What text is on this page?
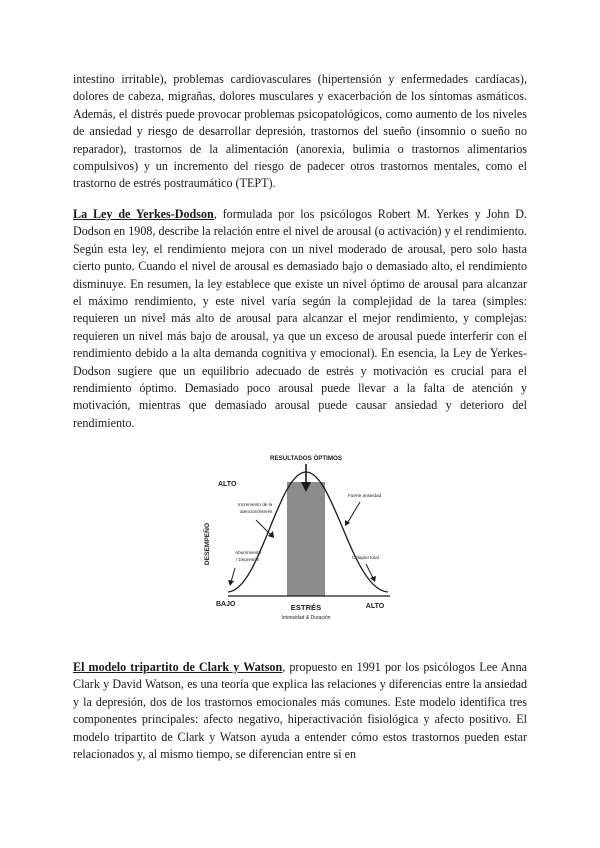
intestino irritable), problemas cardiovasculares (hipertensión y enfermedades cardíacas), dolores de cabeza, migrañas, dolores musculares y exacerbación de los síntomas asmáticos. Además, el distrés puede provocar problemas psicopatológicos, como aumento de los niveles de ansiedad y riesgo de desarrollar depresión, trastornos del sueño (insomnio o sueño no reparador), trastornos de la alimentación (anorexia, bulimia o trastornos alimentarios compulsivos) y un incremento del riesgo de padecer otros trastornos mentales, como el trastorno de estrés postraumático (TEPT).

La Ley de Yerkes-Dodson, formulada por los psicólogos Robert M. Yerkes y John D. Dodson en 1908, describe la relación entre el nivel de arousal (o activación) y el rendimiento. Según esta ley, el rendimiento mejora con un nivel moderado de arousal, pero solo hasta cierto punto. Cuando el nivel de arousal es demasiado bajo o demasiado alto, el rendimiento disminuye. En resumen, la ley establece que existe un nivel óptimo de arousal para alcanzar el máximo rendimiento, y este nivel varía según la complejidad de la tarea (simples: requieren un nivel más alto de arousal para alcanzar el mejor rendimiento, y complejas: requieren un nivel más bajo de arousal, ya que un exceso de arousal puede interferir con el rendimiento debido a la alta demanda cognitiva y emocional). En esencia, la Ley de Yerkes-Dodson sugiere que un equilibrio adecuado de estrés y motivación es crucial para el rendimiento óptimo. Demasiado poco arousal puede llevar a la falta de atención y motivación, mientras que demasiado arousal puede causar ansiedad y deterioro del rendimiento.

RESULTADOS ÓPTIMOS
ALTO
BAJO
DESEMPEÑO
ESTRÉS
Intensidad & Duración
ALTO
Incremento de la
atención/interés
Aburrimiento
/ Depresión
Fuerte ansiedad
Colapso total

El modelo tripartito de Clark y Watson, propuesto en 1991 por los psicólogos Lee Anna Clark y David Watson, es una teoría que explica las relaciones y diferencias entre la ansiedad y la depresión, dos de los trastornos emocionales más comunes. Este modelo identifica tres componentes principales: afecto negativo, hiperactivación fisiológica y afecto positivo. El modelo tripartito de Clark y Watson ayuda a entender cómo estos trastornos pueden estar relacionados y, al mismo tiempo, se diferencian entre sí en
